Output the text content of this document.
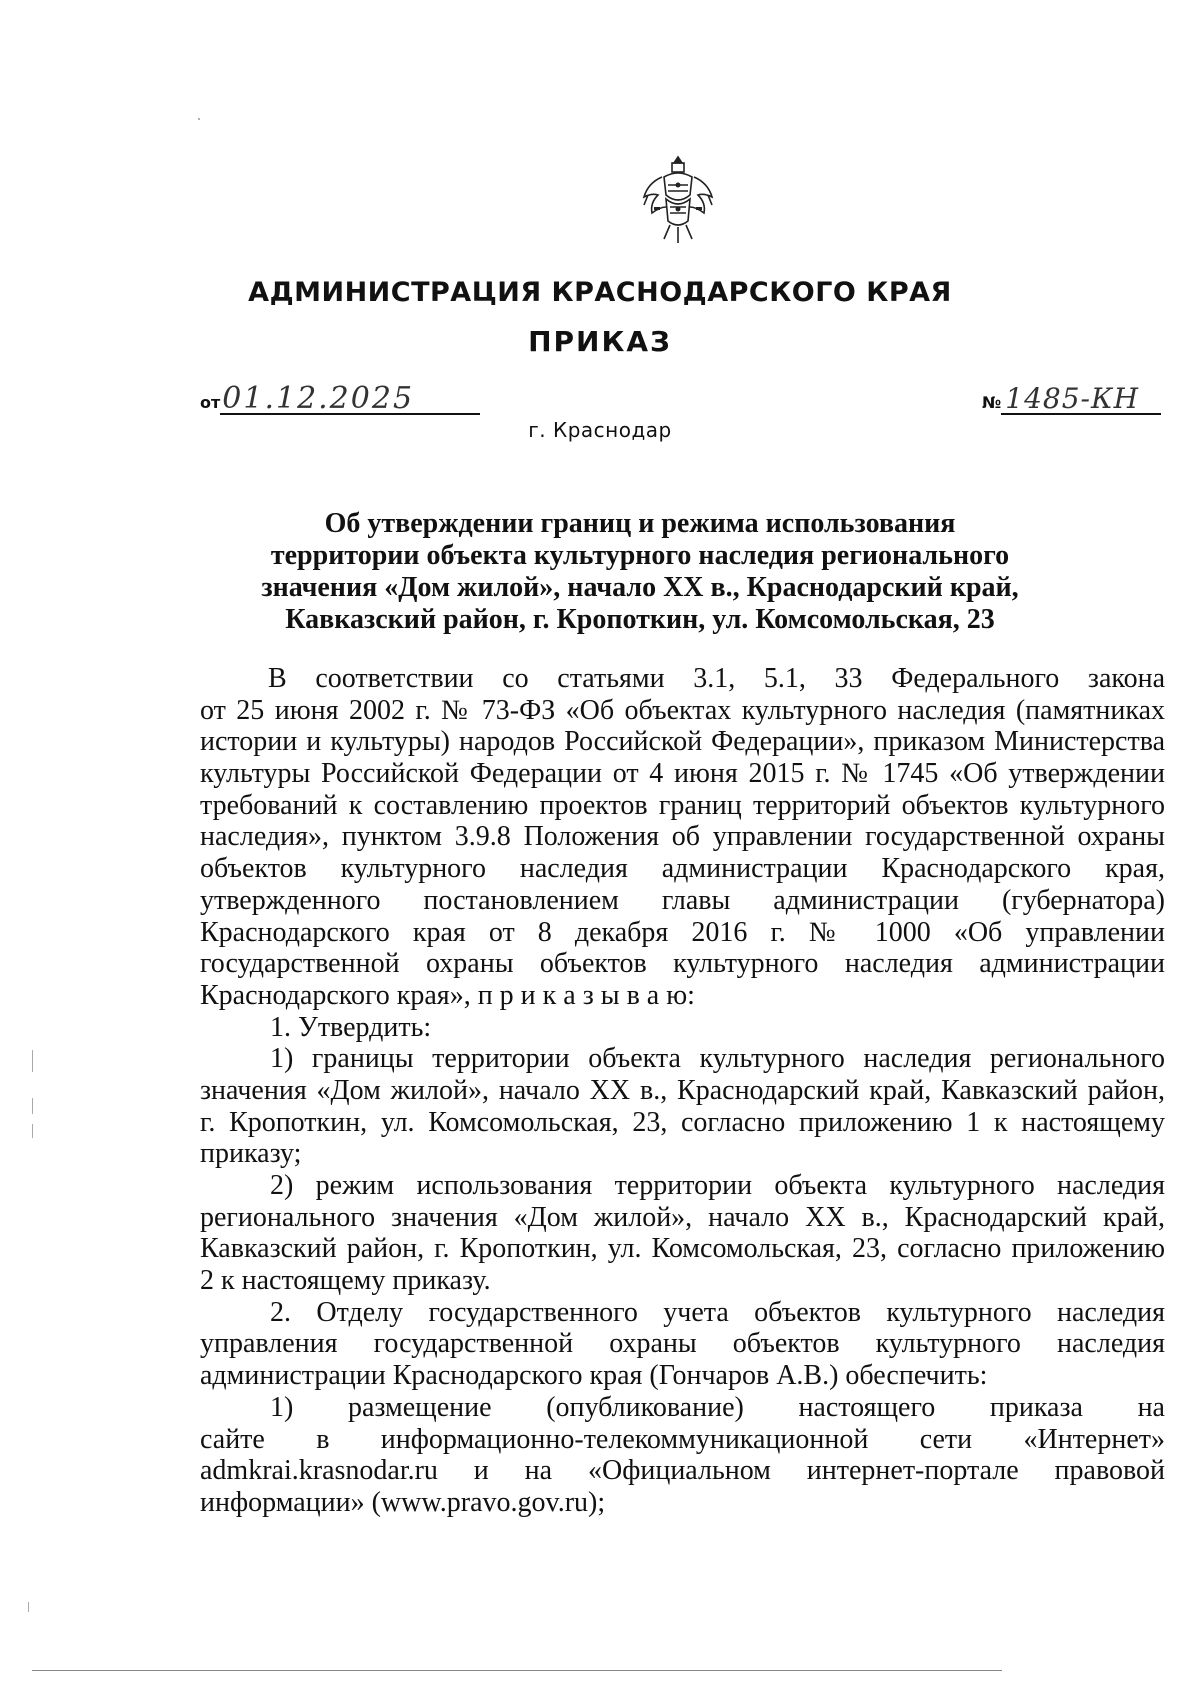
АДМИНИСТРАЦИЯ КРАСНОДАРСКОГО КРАЯ
ПРИКАЗ
от01.12.2025	№ 1485-КН
г. Краснодар
Об утверждении границ и режима использования
территории объекта культурного наследия регионального
значения «Дом жилой», начало XX в., Краснодарский край,
Кавказский район, г. Кропоткин, ул. Комсомольская, 23
В соответствии со статьями 3.1, 5.1, 33 Федерального закона
от 25 июня 2002 г. № 73-ФЗ «Об объектах культурного наследия (памятниках
истории и культуры) народов Российской Федерации», приказом Министерства
культуры Российской Федерации от 4 июня 2015 г. № 1745 «Об утверждении
требований к составлению проектов границ территорий объектов культурного
наследия», пунктом 3.9.8 Положения об управлении государственной охраны
объектов культурного наследия администрации Краснодарского края,
утвержденного постановлением главы администрации (губернатора)
Краснодарского края от 8 декабря 2016 г. № 1000 «Об управлении
государственной охраны объектов культурного наследия администрации
Краснодарского края», п р и к а з ы в а ю:
1. Утвердить:
1) границы территории объекта культурного наследия регионального
значения «Дом жилой», начало XX в., Краснодарский край, Кавказский район,
г. Кропоткин, ул. Комсомольская, 23, согласно приложению 1 к настоящему
приказу;
2) режим использования территории объекта культурного наследия
регионального значения «Дом жилой», начало XX в., Краснодарский край,
Кавказский район, г. Кропоткин, ул. Комсомольская, 23, согласно приложению
2 к настоящему приказу.
2. Отделу государственного учета объектов культурного наследия
управления государственной охраны объектов культурного наследия
администрации Краснодарского края (Гончаров А.В.) обеспечить:
1) размещение (опубликование) настоящего приказа на
сайте в информационно-телекоммуникационной сети «Интернет»
admkrai.krasnodar.ru и на «Официальном интернет-портале правовой
информации» (www.pravo.gov.ru);
